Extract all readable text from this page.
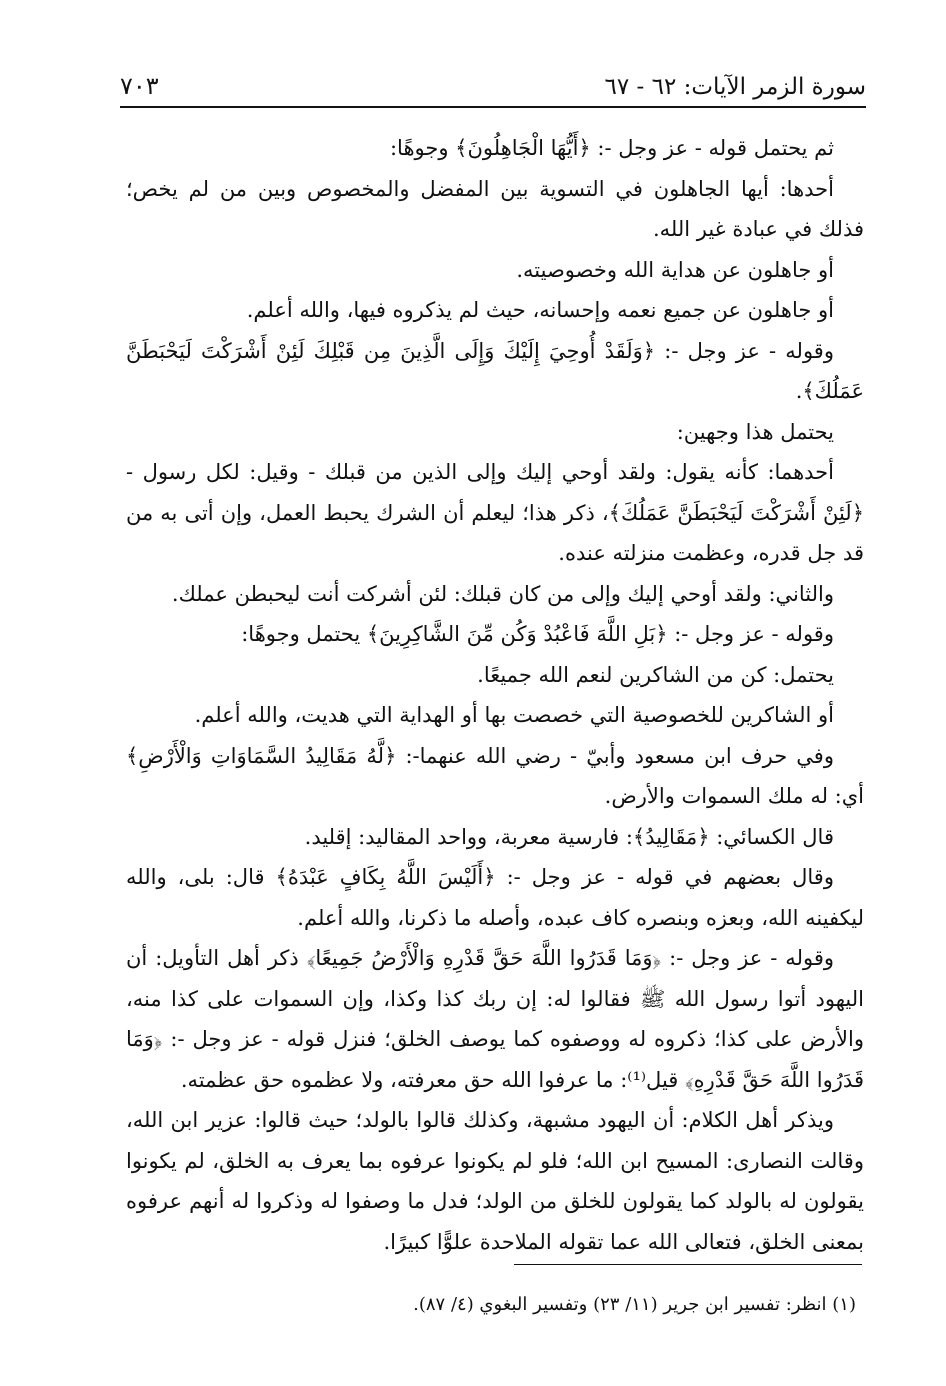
سورة الزمر الآيات: ٦٢ - ٦٧
٧٠٣

ثم يحتمل قوله - عز وجل -: ﴿أَيُّهَا الْجَاهِلُونَ﴾ وجوهًا:

أحدها: أيها الجاهلون في التسوية بين المفضل والمخصوص وبين من لم يخص؛ فذلك في عبادة غير الله.

أو جاهلون عن هداية الله وخصوصيته.

أو جاهلون عن جميع نعمه وإحسانه، حيث لم يذكروه فيها، والله أعلم.

وقوله - عز وجل -: ﴿وَلَقَدْ أُوحِيَ إِلَيْكَ وَإِلَى الَّذِينَ مِن قَبْلِكَ لَئِنْ أَشْرَكْتَ لَيَحْبَطَنَّ عَمَلُكَ﴾.

يحتمل هذا وجهين:

أحدهما: كأنه يقول: ولقد أوحي إليك وإلى الذين من قبلك - وقيل: لكل رسول - ﴿لَئِنْ أَشْرَكْتَ لَيَحْبَطَنَّ عَمَلُكَ﴾، ذكر هذا؛ ليعلم أن الشرك يحبط العمل، وإن أتى به من قد جل قدره، وعظمت منزلته عنده.

والثاني: ولقد أوحي إليك وإلى من كان قبلك: لئن أشركت أنت ليحبطن عملك.

وقوله - عز وجل -: ﴿بَلِ اللَّهَ فَاعْبُدْ وَكُن مِّنَ الشَّاكِرِينَ﴾ يحتمل وجوهًا:

يحتمل: كن من الشاكرين لنعم الله جميعًا.

أو الشاكرين للخصوصية التي خصصت بها أو الهداية التي هديت، والله أعلم.

وفي حرف ابن مسعود وأبيّ - رضي الله عنهما-: ﴿لَّهُ مَقَالِيدُ السَّمَاوَاتِ وَالْأَرْضِ﴾ أي: له ملك السموات والأرض.

قال الكسائي: ﴿مَقَالِيدُ﴾: فارسية معربة، وواحد المقاليد: إقليد.

وقال بعضهم في قوله - عز وجل -: ﴿أَلَيْسَ اللَّهُ بِكَافٍ عَبْدَهُ﴾ قال: بلى، والله ليكفينه الله، وبعزه وبنصره كاف عبده، وأصله ما ذكرنا، والله أعلم.

وقوله - عز وجل -: ﴿وَمَا قَدَرُوا اللَّهَ حَقَّ قَدْرِهِ وَالْأَرْضُ جَمِيعًا﴾ ذكر أهل التأويل: أن اليهود أتوا رسول الله ﷺ فقالوا له: إن ربك كذا وكذا، وإن السموات على كذا منه، والأرض على كذا؛ ذكروه له ووصفوه كما يوصف الخلق؛ فنزل قوله - عز وجل -: ﴿وَمَا قَدَرُوا اللَّهَ حَقَّ قَدْرِهِ﴾ قيل⁽¹⁾: ما عرفوا الله حق معرفته، ولا عظموه حق عظمته.

ويذكر أهل الكلام: أن اليهود مشبهة، وكذلك قالوا بالولد؛ حيث قالوا: عزير ابن الله، وقالت النصارى: المسيح ابن الله؛ فلو لم يكونوا عرفوه بما يعرف به الخلق، لم يكونوا يقولون له بالولد كما يقولون للخلق من الولد؛ فدل ما وصفوا له وذكروا له أنهم عرفوه بمعنى الخلق، فتعالى الله عما تقوله الملاحدة علوًّا كبيرًا.

(١) انظر: تفسير ابن جرير (١١/ ٢٣) وتفسير البغوي (٤/ ٨٧).
